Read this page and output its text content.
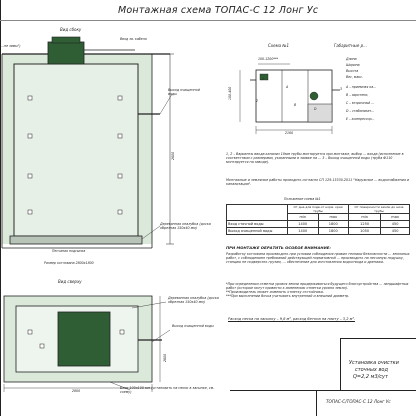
Монтажная схема ТОПАС-С 12 Лонг Ус
Вид сбоку
...не зимы")
Ввод за. кабеля
2600
Выход очищенной воды
Деревянная опалубка (доска обрезная 150х40 мм)
Песчаная подсыпка
Размер котлована 2800х1800
Схема №1
100-1200***
1
A
B
2
3
D
100-400
2160
Габаритные р...
Длина
Ширина
Высота
Вес, макс.
A – приемная ка...
B – аэротенк;
C – вторичный ...
D – стабилизат...
E – компрессор...
1, 2 – Варианты ввода канализ 10мм трубы монтируется при монтаже, выбор ... входа (исполнение в соответствии с размерами, указанными в заявке на ... 3 – Выход очищенной воды (труба Ф110 монтируется на заводе).
Монтажные и земляные работы проводить согласно СП 129.13330.2011 "Наружные ... водоснабжения и канализации".
Положение схема №1
	От дна для подв.от норм. края трубы		От поверхности земли до низа трубы	
	min	max	min	max
Вход сточной воды	1400	1800	1250	450
Выход очищенной воды	1400	1800	1050	450
ПРИ МОНТАЖЕ ОБРАТИТЬ ОСОБОЕ ВНИМАНИЕ:
Разработку котлована производить при условии соблюдения правил техники безопасности ... земляных работ, с соблюдением требований действующей нормативной ... производить на песчаную подушку, станцию не подвергать грузам, ... обеспечение для изготовления водоотвода и дренажа.
*При определении отметки уровня земли придерживаться будущего благоустройства ... ландшафтных работ (которые могут привести к изменению отметки уровня земли).
**Производитель может изменить отметку отстойника.
***При выполнении бочка учитывать внутренний и внешний диаметр.
Расход песка на засыпку – 9,8 м³, расход бетона на плиту – 3,2 м³.
Вид сверху
Деревянная опалубка (доска обрезная 150х40 мм)
Выход очищенной воды
Блок 100х100 мм (установить на песок в засыпке, см. схему)
2800
2800
Установка очистки
сточных вод
Q=2,2 м3/сут
ТОПАС-С/ТОПАС-С 12 Лонг Ус
